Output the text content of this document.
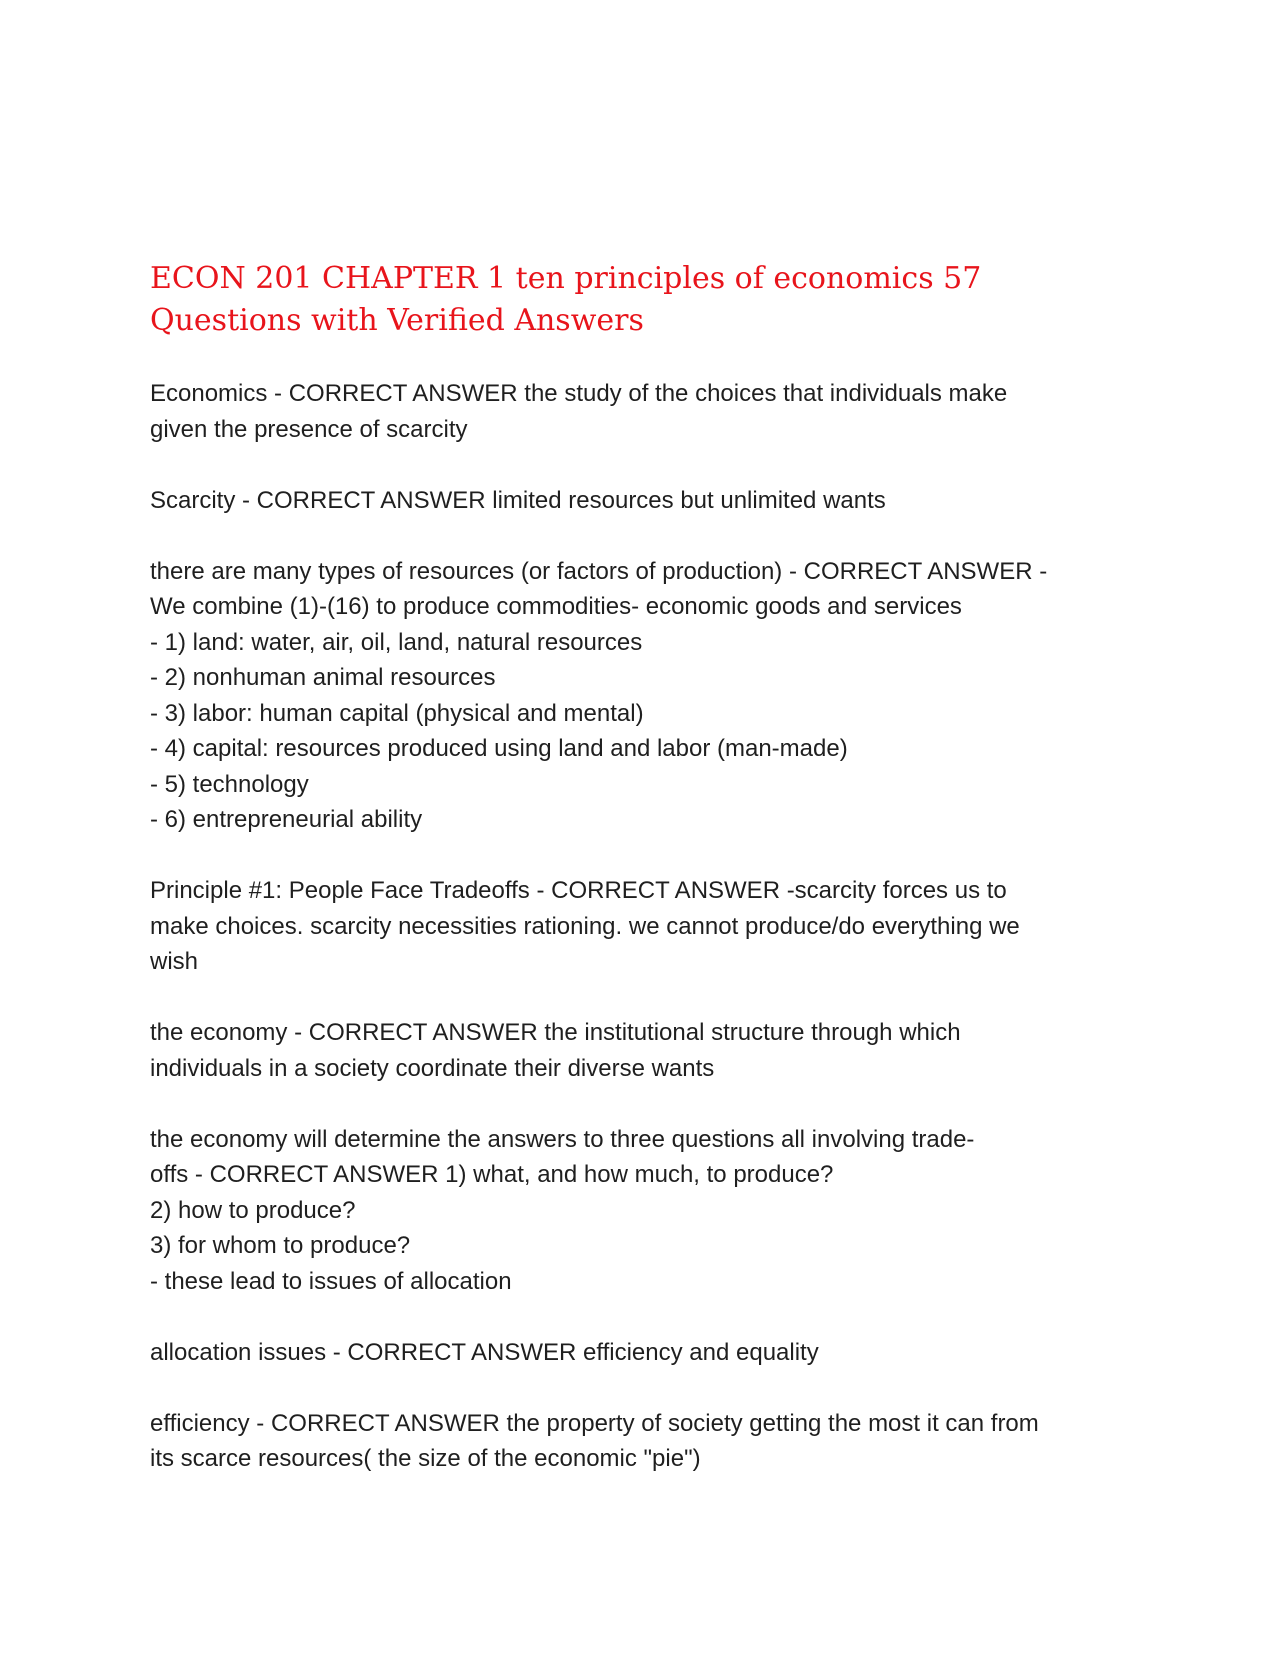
ECON 201 CHAPTER 1 ten principles of economics 57
Questions with Verified Answers
Economics - CORRECT ANSWER the study of the choices that individuals make
given the presence of scarcity
Scarcity - CORRECT ANSWER limited resources but unlimited wants
there are many types of resources (or factors of production) - CORRECT ANSWER -
We combine (1)-(16) to produce commodities- economic goods and services
- 1) land: water, air, oil, land, natural resources
- 2) nonhuman animal resources
- 3) labor: human capital (physical and mental)
- 4) capital: resources produced using land and labor (man-made)
- 5) technology
- 6) entrepreneurial ability
Principle #1: People Face Tradeoffs - CORRECT ANSWER -scarcity forces us to
make choices. scarcity necessities rationing. we cannot produce/do everything we
wish
the economy - CORRECT ANSWER the institutional structure through which
individuals in a society coordinate their diverse wants
the economy will determine the answers to three questions all involving trade-
offs - CORRECT ANSWER 1) what, and how much, to produce?
2) how to produce?
3) for whom to produce?
- these lead to issues of allocation
allocation issues - CORRECT ANSWER efficiency and equality
efficiency - CORRECT ANSWER the property of society getting the most it can from
its scarce resources( the size of the economic "pie")
